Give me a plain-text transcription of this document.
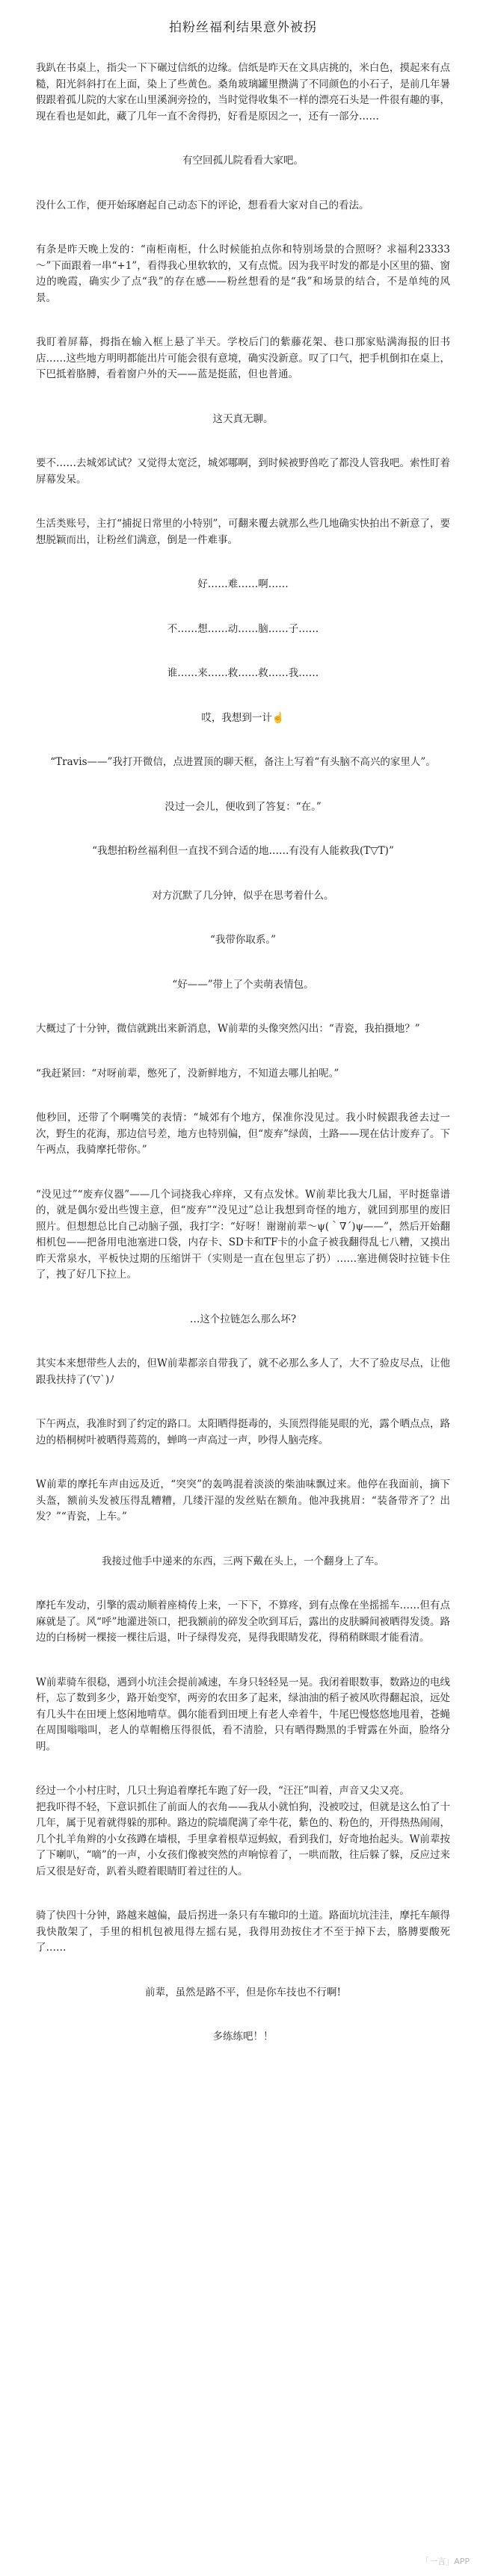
拍粉丝福利结果意外被拐

我趴在书桌上，指尖一下下碾过信纸的边缘。信纸是昨天在文具店挑的，米白色，摸起来有点糙，阳光斜斜打在上面，染上了些黄色。桑角玻璃罐里攒满了不同颜色的小石子，是前几年暑假跟着孤儿院的大家在山里溪涧旁捡的，当时觉得收集不一样的漂亮石头是一件很有趣的事，现在看也是如此，藏了几年一直不舍得扔，好看是原因之一，还有一部分……

有空回孤儿院看看大家吧。

没什么工作，便开始琢磨起自己动态下的评论，想看看大家对自己的看法。

有条是昨天晚上发的：“南柜南柜，什么时候能拍点你和特别场景的合照呀？求福利23333～”下面跟着一串“+1”，看得我心里软软的，又有点慌。因为我平时发的都是小区里的猫、窗边的晚霞，确实少了点“我”的存在感——粉丝想看的是“我”和场景的结合，不是单纯的风景。

我盯着屏幕，拇指在输入框上悬了半天。学校后门的紫藤花架、巷口那家贴满海报的旧书店……这些地方明明都能出片可能会很有意境，确实没新意。叹了口气，把手机倒扣在桌上，下巴抵着胳膊，看着窗户外的天——蓝是挺蓝，但也普通。

这天真无聊。

要不……去城郊试试？又觉得太宽泛，城郊哪啊，到时候被野兽吃了都没人管我吧。索性盯着屏幕发呆。

生活类账号，主打“捕捉日常里的小特别”，可翻来覆去就那么些几地确实快拍出不新意了，要想脱颖而出，让粉丝们满意，倒是一件难事。

好……难……啊……

不……想……动……脑……子……

谁……来……救……救……我……

哎，我想到一计☝

“Travis——”我打开微信，点进置顶的聊天框，备注上写着“有头脑不高兴的家里人”。

没过一会儿，便收到了答复：“在。”

“我想拍粉丝福利但一直找不到合适的地……有没有人能救我(T▽T)”

对方沉默了几分钟，似乎在思考着什么。

“我带你取系。”

“好——”带上了个卖萌表情包。

大概过了十分钟，微信就跳出来新消息，W前辈的头像突然闪出：“青瓷，我拍摄地？”

“我赶紧回：“对呀前辈，憋死了，没新鲜地方，不知道去哪儿拍呢。”

他秒回，还带了个啊嘴笑的表情：“城郊有个地方，保准你没见过。我小时候跟我爸去过一次，野生的花海，那边信号差，地方也特别偏，但“废弃”绿茵，土路——现在估计废弃了。下午两点，我骑摩托带你。”

“没见过”“废弃仪器”——几个词挠我心痒痒，又有点发怵。W前辈比我大几届，平时挺靠谱的，就是偶尔爱出些馊主意，但“废弃”“没见过”总让我想到奇怪的地方，就回到那里的废旧照片。但想想总比自己动脑子强，我打字：“好呀！谢谢前辈～ψ(｀∇´)ψ——”，然后开始翻相机包——把备用电池塞进口袋，内存卡、SD卡和TF卡的小盒子被我翻得乱七八糟，又摸出昨天常泉水，平板快过期的压缩饼干（实则是一直在包里忘了扔）……塞进侧袋时拉链卡住了，拽了好几下拉上。

…这个拉链怎么那么坏?

其实本来想带些人去的，但W前辈都亲自带我了，就不必那么多人了，大不了验皮尽点，让他跟我扶持了(′▽`)ﾉ

下午两点，我准时到了约定的路口。太阳晒得挺毒的，头顶烈得能晃眼的光，露个晒点点，路边的梧桐树叶被晒得蔫蔫的，蝉鸣一声高过一声，吵得人脑壳疼。

W前辈的摩托车声由远及近，“突突”的轰鸣混着淡淡的柴油味飘过来。他停在我面前，摘下头盔，额前头发被压得乱糟糟，几缕汗湿的发丝贴在额角。他冲我挑眉：“装备带齐了？出发？”“青瓷，上车。”

我接过他手中递来的东西，三两下戴在头上，一个翻身上了车。

摩托车发动，引擎的震动顺着座椅传上来，一下下，不算疼，到有点像在坐摇摇车……但有点麻就是了。风“呼”地灌进领口，把我额前的碎发全吹到耳后，露出的皮肤瞬间被晒得发烫。路边的白杨树一棵接一棵往后退，叶子绿得发亮，晃得我眼睛发花，得稍稍眯眼才能看清。

W前辈骑车很稳，遇到小坑洼会提前减速，车身只轻轻晃一晃。我闭着眼数事，数路边的电线杆，忘了数到多少，路开始变窄，两旁的农田多了起来，绿油油的稻子被风吹得翻起浪，远处有几头牛在田埂上悠闲地啃草。偶尔能看到田埂上有老人牵着牛，牛尾巴慢悠悠地甩着，苍蝇在周围嗡嗡叫，老人的草帽檐压得很低，看不清脸，只有晒得黝黑的手臂露在外面，脸络分明。

经过一个小村庄时，几只土狗追着摩托车跑了好一段，“汪汪”叫着，声音又尖又亮。
把我吓得不轻，下意识抓住了前面人的衣角——我从小就怕狗，没被咬过，但就是这么怕了十几年，属于见着就得躲的那种。路边的院墙爬满了牵牛花，紫色的、粉色的，开得热热闹闹，几个扎羊角辫的小女孩蹲在墙根，手里拿着根草逗蚂蚁，看到我们，好奇地抬起头。W前辈按了下喇叭，“嘀”的一声，小女孩们像被突然的声响惊着了，一哄而散，往后躲了躲，反应过来后又很是好奇，趴着头瞪着眼睛盯着过往的人。

骑了快四十分钟，路越来越偏，最后拐进一条只有车辙印的土道。路面坑坑洼洼，摩托车颠得我快散架了，手里的相机包被甩得左摇右晃，我得用劲按住才不至于掉下去，胳膊要酸死了……

前辈，虽然是路不平，但是你车技也不行啊!

多练练吧！！

「一言」APP
